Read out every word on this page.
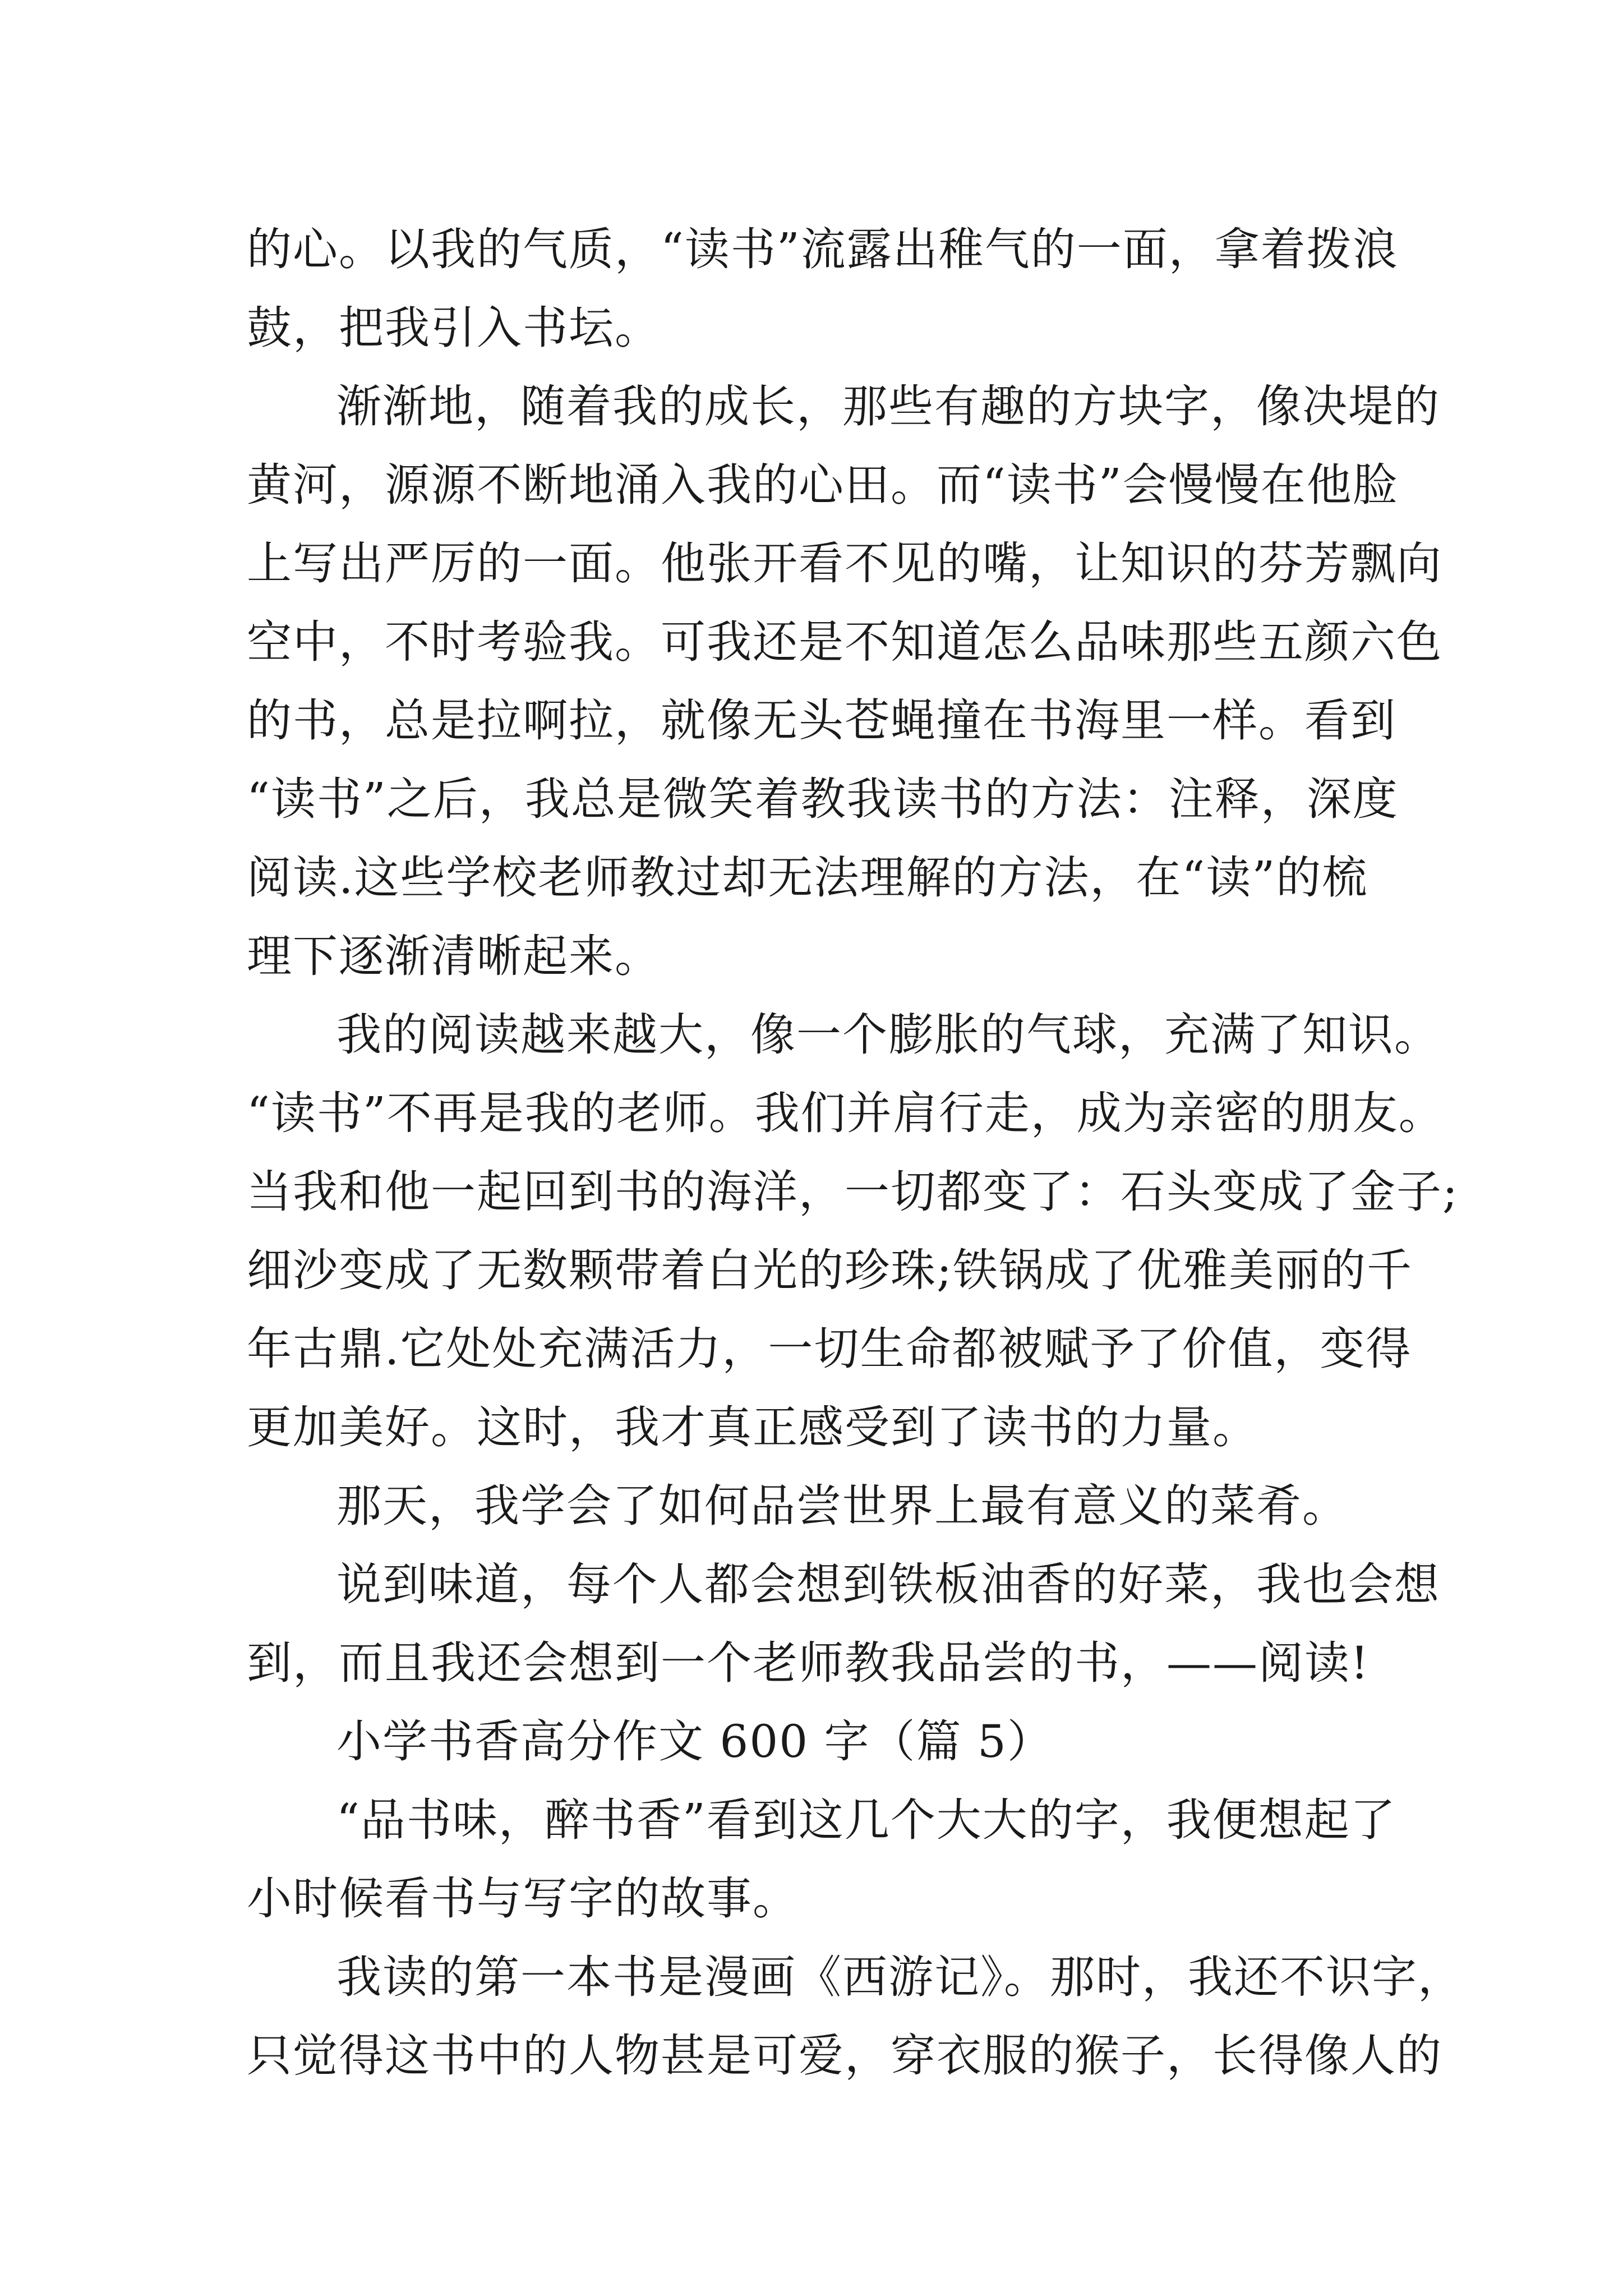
的心。以我的气质，“读书”流露出稚气的一面，拿着拨浪
鼓，把我引入书坛。
渐渐地，随着我的成长，那些有趣的方块字，像决堤的
黄河，源源不断地涌入我的心田。而“读书”会慢慢在他脸
上写出严厉的一面。他张开看不见的嘴，让知识的芬芳飘向
空中，不时考验我。可我还是不知道怎么品味那些五颜六色
的书，总是拉啊拉，就像无头苍蝇撞在书海里一样。看到
“读书”之后，我总是微笑着教我读书的方法：注释，深度
阅读.这些学校老师教过却无法理解的方法，在“读”的梳
理下逐渐清晰起来。
我的阅读越来越大，像一个膨胀的气球，充满了知识。
“读书”不再是我的老师。我们并肩行走，成为亲密的朋友。
当我和他一起回到书的海洋，一切都变了：石头变成了金子;
细沙变成了无数颗带着白光的珍珠;铁锅成了优雅美丽的千
年古鼎.它处处充满活力，一切生命都被赋予了价值，变得
更加美好。这时，我才真正感受到了读书的力量。
那天，我学会了如何品尝世界上最有意义的菜肴。
说到味道，每个人都会想到铁板油香的好菜，我也会想
到，而且我还会想到一个老师教我品尝的书，——阅读!
小学书香高分作文 600 字（篇 5）
“品书味，醉书香”看到这几个大大的字，我便想起了
小时候看书与写字的故事。
我读的第一本书是漫画《西游记》。那时，我还不识字，
只觉得这书中的人物甚是可爱，穿衣服的猴子，长得像人的
